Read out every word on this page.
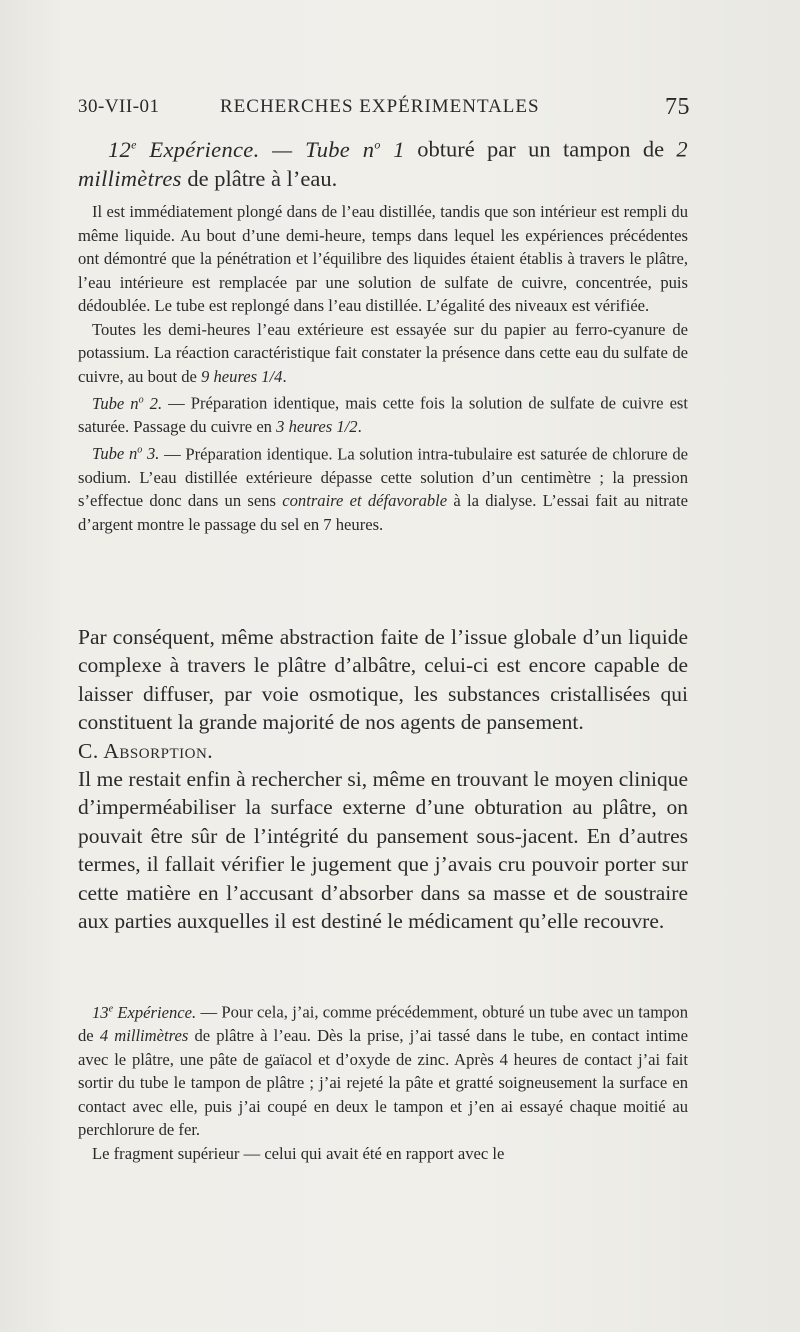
30-VII-01	RECHERCHES EXPÉRIMENTALES	75
12e Expérience. — Tube $n^o$ 1 obturé par un tampon de 2 millimètres de plâtre à l’eau.

Il est immédiatement plongé dans de l’eau distillée, tandis que son intérieur est rempli du même liquide. Au bout d’une demi-heure, temps dans lequel les expériences précédentes ont démontré que la pénétration et l’équilibre des liquides étaient établis à travers le plâtre, l’eau intérieure est remplacée par une solution de sulfate de cuivre, concentrée, puis dédoublée. Le tube est replongé dans l’eau distillée. L’égalité des niveaux est vérifiée.

Toutes les demi-heures l’eau extérieure est essayée sur du papier au ferro-cyanure de potassium. La réaction caractéristique fait constater la présence dans cette eau du sulfate de cuivre, au bout de 9 heures 1/4.

Tube $n^o$ 2. — Préparation identique, mais cette fois la solution de sulfate de cuivre est saturée. Passage du cuivre en 3 heures 1/2.

Tube $n^o$ 3. — Préparation identique. La solution intra-tubulaire est saturée de chlorure de sodium. L’eau distillée extérieure dépasse cette solution d’un centimètre ; la pression s’effectue donc dans un sens contraire et défavorable à la dialyse. L’essai fait au nitrate d’argent montre le passage du sel en 7 heures.

Par conséquent, même abstraction faite de l’issue globale d’un liquide complexe à travers le plâtre d’albâtre, celui-ci est encore capable de laisser diffuser, par voie osmotique, les substances cristallisées qui constituent la grande majorité de nos agents de pansement.

C. Absorption.

Il me restait enfin à rechercher si, même en trouvant le moyen clinique d’imperméabiliser la surface externe d’une obturation au plâtre, on pouvait être sûr de l’intégrité du pansement sous-jacent. En d’autres termes, il fallait vérifier le jugement que j’avais cru pouvoir porter sur cette matière en l’accusant d’absorber dans sa masse et de soustraire aux parties auxquelles il est destiné le médicament qu’elle recouvre.

13e Expérience. — Pour cela, j’ai, comme précédemment, obturé un tube avec un tampon de 4 millimètres de plâtre à l’eau. Dès la prise, j’ai tassé dans le tube, en contact intime avec le plâtre, une pâte de gaïacol et d’oxyde de zinc. Après 4 heures de contact j’ai fait sortir du tube le tampon de plâtre ; j’ai rejeté la pâte et gratté soigneusement la surface en contact avec elle, puis j’ai coupé en deux le tampon et j’en ai essayé chaque moitié au perchlorure de fer.

Le fragment supérieur — celui qui avait été en rapport avec le
